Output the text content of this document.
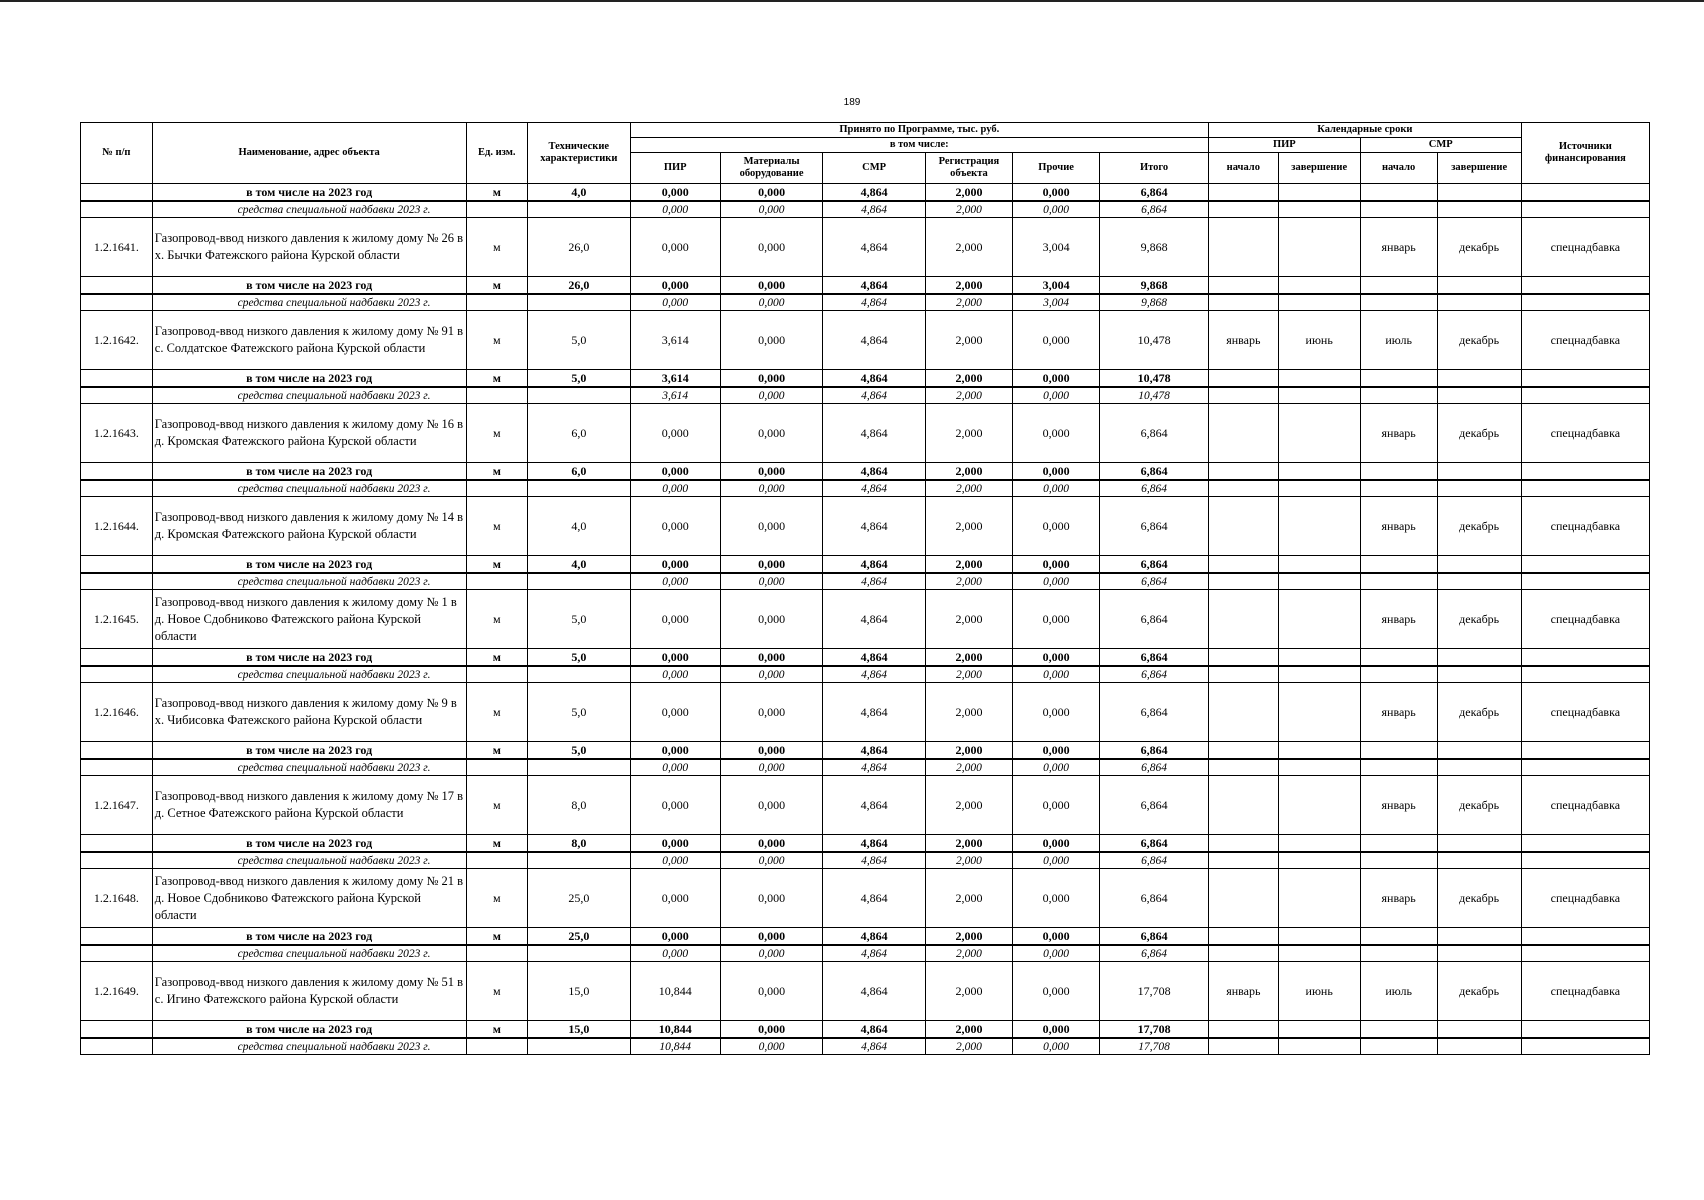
189
№ п/п	Наименование, адрес объекта	Ед. изм.	Технические характеристики	Принято по Программе, тыс. руб.						Календарные сроки				Источники финансирования
				в том числе:						ПИР		СМР		
				ПИР	Материалы оборудование	СМР	Регистрация объекта	Прочие	Итого	начало	завершение	начало	завершение	
	в том числе на 2023 год	м	4,0	0,000	0,000	4,864	2,000	0,000	6,864					
	средства специальной надбавки 2023 г.			0,000	0,000	4,864	2,000	0,000	6,864					
1.2.1641.	Газопровод-ввод низкого давления к жилому дому № 26 в х. Бычки Фатежского района Курской области	м	26,0	0,000	0,000	4,864	2,000	3,004	9,868			январь	декабрь	спецнадбавка
	в том числе на 2023 год	м	26,0	0,000	0,000	4,864	2,000	3,004	9,868					
	средства специальной надбавки 2023 г.			0,000	0,000	4,864	2,000	3,004	9,868					
1.2.1642.	Газопровод-ввод низкого давления к жилому дому № 91 в с. Солдатское Фатежского района Курской области	м	5,0	3,614	0,000	4,864	2,000	0,000	10,478	январь	июнь	июль	декабрь	спецнадбавка
	в том числе на 2023 год	м	5,0	3,614	0,000	4,864	2,000	0,000	10,478					
	средства специальной надбавки 2023 г.			3,614	0,000	4,864	2,000	0,000	10,478					
1.2.1643.	Газопровод-ввод низкого давления к жилому дому № 16 в д. Кромская Фатежского района Курской области	м	6,0	0,000	0,000	4,864	2,000	0,000	6,864			январь	декабрь	спецнадбавка
	в том числе на 2023 год	м	6,0	0,000	0,000	4,864	2,000	0,000	6,864					
	средства специальной надбавки 2023 г.			0,000	0,000	4,864	2,000	0,000	6,864					
1.2.1644.	Газопровод-ввод низкого давления к жилому дому № 14 в д. Кромская Фатежского района Курской области	м	4,0	0,000	0,000	4,864	2,000	0,000	6,864			январь	декабрь	спецнадбавка
	в том числе на 2023 год	м	4,0	0,000	0,000	4,864	2,000	0,000	6,864					
	средства специальной надбавки 2023 г.			0,000	0,000	4,864	2,000	0,000	6,864					
1.2.1645.	Газопровод-ввод низкого давления к жилому дому № 1 в д. Новое Сдобниково Фатежского района Курской области	м	5,0	0,000	0,000	4,864	2,000	0,000	6,864			январь	декабрь	спецнадбавка
	в том числе на 2023 год	м	5,0	0,000	0,000	4,864	2,000	0,000	6,864					
	средства специальной надбавки 2023 г.			0,000	0,000	4,864	2,000	0,000	6,864					
1.2.1646.	Газопровод-ввод низкого давления к жилому дому № 9 в х. Чибисовка Фатежского района Курской области	м	5,0	0,000	0,000	4,864	2,000	0,000	6,864			январь	декабрь	спецнадбавка
	в том числе на 2023 год	м	5,0	0,000	0,000	4,864	2,000	0,000	6,864					
	средства специальной надбавки 2023 г.			0,000	0,000	4,864	2,000	0,000	6,864					
1.2.1647.	Газопровод-ввод низкого давления к жилому дому № 17 в д. Сетное Фатежского района Курской области	м	8,0	0,000	0,000	4,864	2,000	0,000	6,864			январь	декабрь	спецнадбавка
	в том числе на 2023 год	м	8,0	0,000	0,000	4,864	2,000	0,000	6,864					
	средства специальной надбавки 2023 г.			0,000	0,000	4,864	2,000	0,000	6,864					
1.2.1648.	Газопровод-ввод низкого давления к жилому дому № 21 в д. Новое Сдобниково Фатежского района Курской области	м	25,0	0,000	0,000	4,864	2,000	0,000	6,864			январь	декабрь	спецнадбавка
	в том числе на 2023 год	м	25,0	0,000	0,000	4,864	2,000	0,000	6,864					
	средства специальной надбавки 2023 г.			0,000	0,000	4,864	2,000	0,000	6,864					
1.2.1649.	Газопровод-ввод низкого давления к жилому дому № 51 в с. Игино Фатежского района Курской области	м	15,0	10,844	0,000	4,864	2,000	0,000	17,708	январь	июнь	июль	декабрь	спецнадбавка
	в том числе на 2023 год	м	15,0	10,844	0,000	4,864	2,000	0,000	17,708					
	средства специальной надбавки 2023 г.			10,844	0,000	4,864	2,000	0,000	17,708					
